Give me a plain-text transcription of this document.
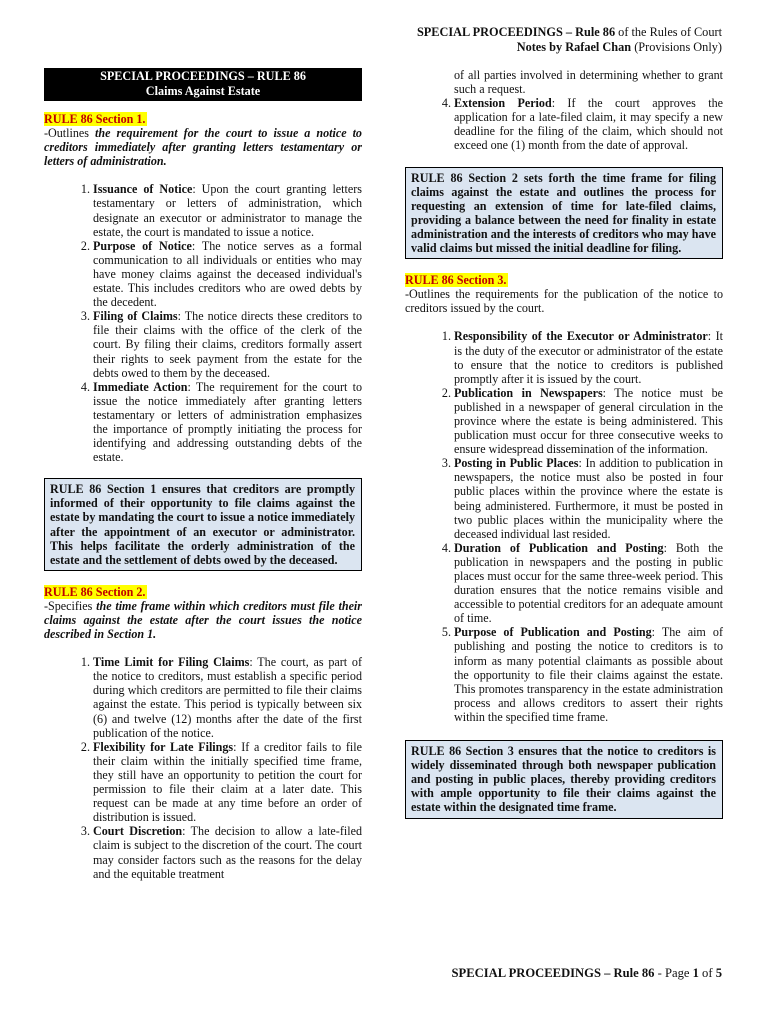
SPECIAL PROCEEDINGS – Rule 86 of the Rules of Court
Notes by Rafael Chan (Provisions Only)
SPECIAL PROCEEDINGS – RULE 86
Claims Against Estate
RULE 86 Section 1.

-Outlines the requirement for the court to issue a notice to creditors immediately after granting letters testamentary or letters of administration.

1. Issuance of Notice: Upon the court granting letters testamentary or letters of administration, which designate an executor or administrator to manage the estate, the court is mandated to issue a notice.
2. Purpose of Notice: The notice serves as a formal communication to all individuals or entities who may have money claims against the deceased individual's estate. This includes creditors who are owed debts by the decedent.
3. Filing of Claims: The notice directs these creditors to file their claims with the office of the clerk of the court. By filing their claims, creditors formally assert their rights to seek payment from the estate for the debts owed to them by the deceased.
4. Immediate Action: The requirement for the court to issue the notice immediately after granting letters testamentary or letters of administration emphasizes the importance of promptly initiating the process for identifying and addressing outstanding debts of the estate.
RULE 86 Section 1 ensures that creditors are promptly informed of their opportunity to file claims against the estate by mandating the court to issue a notice immediately after the appointment of an executor or administrator. This helps facilitate the orderly administration of the estate and the settlement of debts owed by the deceased.
RULE 86 Section 2.

-Specifies the time frame within which creditors must file their claims against the estate after the court issues the notice described in Section 1.

1. Time Limit for Filing Claims: The court, as part of the notice to creditors, must establish a specific period during which creditors are permitted to file their claims against the estate. This period is typically between six (6) and twelve (12) months after the date of the first publication of the notice.
2. Flexibility for Late Filings: If a creditor fails to file their claim within the initially specified time frame, they still have an opportunity to petition the court for permission to file their claim at a later date. This request can be made at any time before an order of distribution is issued.
3. Court Discretion: The decision to allow a late-filed claim is subject to the discretion of the court. The court may consider factors such as the reasons for the delay and the equitable treatment

of all parties involved in determining whether to grant such a request.

4. Extension Period: If the court approves the application for a late-filed claim, it may specify a new deadline for the filing of the claim, which should not exceed one (1) month from the date of approval.
RULE 86 Section 2 sets forth the time frame for filing claims against the estate and outlines the process for requesting an extension of time for late-filed claims, providing a balance between the need for finality in estate administration and the interests of creditors who may have valid claims but missed the initial deadline for filing.
RULE 86 Section 3.

-Outlines the requirements for the publication of the notice to creditors issued by the court.

1. Responsibility of the Executor or Administrator: It is the duty of the executor or administrator of the estate to ensure that the notice to creditors is published promptly after it is issued by the court.
2. Publication in Newspapers: The notice must be published in a newspaper of general circulation in the province where the estate is being administered. This publication must occur for three consecutive weeks to ensure widespread dissemination of the information.
3. Posting in Public Places: In addition to publication in newspapers, the notice must also be posted in four public places within the province where the estate is being administered. Furthermore, it must be posted in two public places within the municipality where the deceased individual last resided.
4. Duration of Publication and Posting: Both the publication in newspapers and the posting in public places must occur for the same three-week period. This duration ensures that the notice remains visible and accessible to potential creditors for an adequate amount of time.
5. Purpose of Publication and Posting: The aim of publishing and posting the notice to creditors is to inform as many potential claimants as possible about the opportunity to file their claims against the estate. This promotes transparency in the estate administration process and allows creditors to assert their rights within the specified time frame.
RULE 86 Section 3 ensures that the notice to creditors is widely disseminated through both newspaper publication and posting in public places, thereby providing creditors with ample opportunity to file their claims against the estate within the designated time frame.
SPECIAL PROCEEDINGS – Rule 86 - Page 1 of 5
